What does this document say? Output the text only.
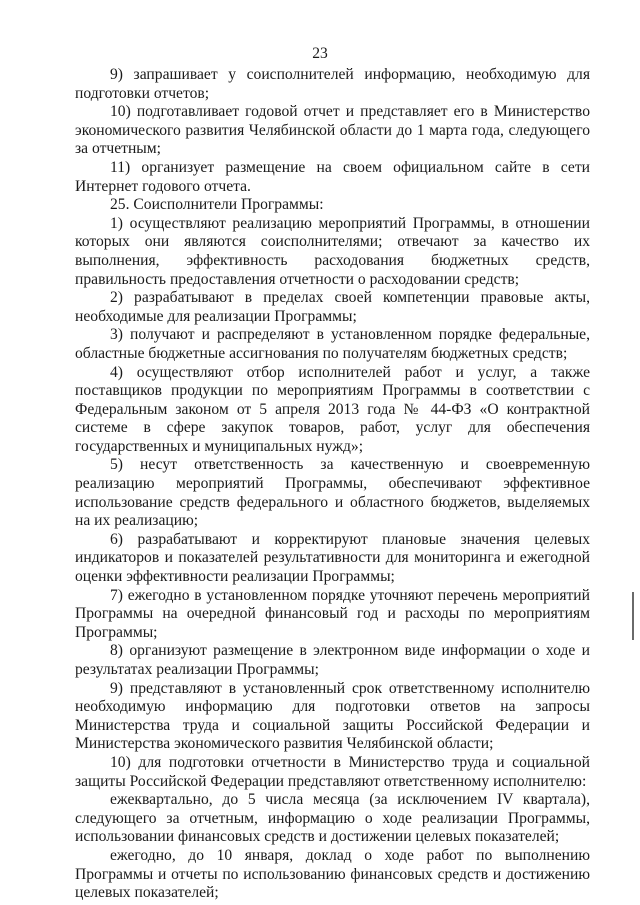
23

9) запрашивает у соисполнителей информацию, необходимую для подготовки отчетов;

10) подготавливает годовой отчет и представляет его в Министерство экономического развития Челябинской области до 1 марта года, следующего за отчетным;

11) организует размещение на своем официальном сайте в сети Интернет годового отчета.

25. Соисполнители Программы:

1) осуществляют реализацию мероприятий Программы, в отношении которых они являются соисполнителями; отвечают за качество их выполнения, эффективность расходования бюджетных средств, правильность предоставления отчетности о расходовании средств;

2) разрабатывают в пределах своей компетенции правовые акты, необходимые для реализации Программы;

3) получают и распределяют в установленном порядке федеральные, областные бюджетные ассигнования по получателям бюджетных средств;

4) осуществляют отбор исполнителей работ и услуг, а также поставщиков продукции по мероприятиям Программы в соответствии с Федеральным законом от 5 апреля 2013 года № 44-ФЗ «О контрактной системе в сфере закупок товаров, работ, услуг для обеспечения государственных и муниципальных нужд»;

5) несут ответственность за качественную и своевременную реализацию мероприятий Программы, обеспечивают эффективное использование средств федерального и областного бюджетов, выделяемых на их реализацию;

6) разрабатывают и корректируют плановые значения целевых индикаторов и показателей результативности для мониторинга и ежегодной оценки эффективности реализации Программы;

7) ежегодно в установленном порядке уточняют перечень мероприятий Программы на очередной финансовый год и расходы по мероприятиям Программы;

8) организуют размещение в электронном виде информации о ходе и результатах реализации Программы;

9) представляют в установленный срок ответственному исполнителю необходимую информацию для подготовки ответов на запросы Министерства труда и социальной защиты Российской Федерации и Министерства экономического развития Челябинской области;

10) для подготовки отчетности в Министерство труда и социальной защиты Российской Федерации представляют ответственному исполнителю:

ежеквартально, до 5 числа месяца (за исключением IV квартала), следующего за отчетным, информацию о ходе реализации Программы, использовании финансовых средств и достижении целевых показателей;

ежегодно, до 10 января, доклад о ходе работ по выполнению Программы и отчеты по использованию финансовых средств и достижению целевых показателей;
